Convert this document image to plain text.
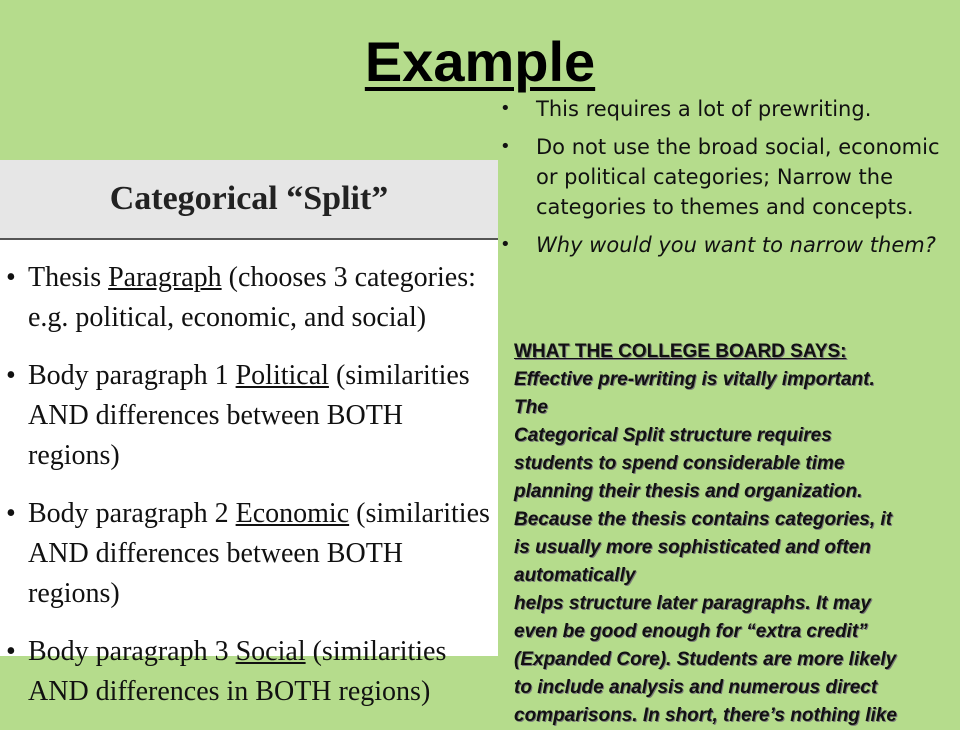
Example
• This requires a lot of prewriting.
• Do not use the broad social, economic or political categories; Narrow the categories to themes and concepts.
• Why would you want to narrow them?
Categorical “Split”
• Thesis Paragraph (chooses 3 categories: e.g. political, economic, and social)
• Body paragraph 1 Political (similarities AND differences between BOTH regions)
• Body paragraph 2 Economic (similarities AND differences between BOTH regions)
• Body paragraph 3 Social (similarities AND differences in BOTH regions)
WHAT THE COLLEGE BOARD SAYS:
Effective pre-writing is vitally important.
The
Categorical Split structure requires
students to spend considerable time
planning their thesis and organization.
Because the thesis contains categories, it
is usually more sophisticated and often
automatically
helps structure later paragraphs. It may
even be good enough for “extra credit”
(Expanded Core). Students are more likely
to include analysis and numerous direct
comparisons. In short, there’s nothing like
